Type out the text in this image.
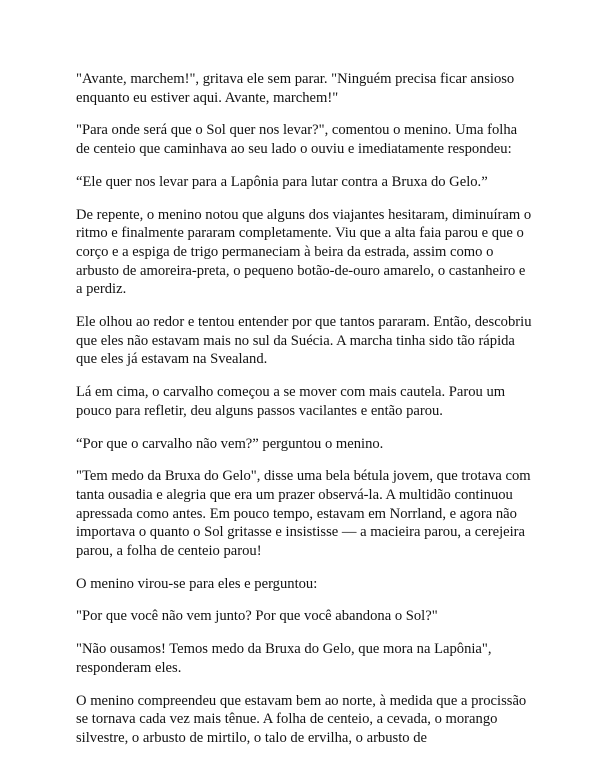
"Avante, marchem!", gritava ele sem parar. "Ninguém precisa ficar ansioso enquanto eu estiver aqui. Avante, marchem!"

"Para onde será que o Sol quer nos levar?", comentou o menino. Uma folha de centeio que caminhava ao seu lado o ouviu e imediatamente respondeu:

“Ele quer nos levar para a Lapônia para lutar contra a Bruxa do Gelo.”

De repente, o menino notou que alguns dos viajantes hesitaram, diminuíram o ritmo e finalmente pararam completamente. Viu que a alta faia parou e que o corço e a espiga de trigo permaneciam à beira da estrada, assim como o arbusto de amoreira-preta, o pequeno botão-de-ouro amarelo, o castanheiro e a perdiz.

Ele olhou ao redor e tentou entender por que tantos pararam. Então, descobriu que eles não estavam mais no sul da Suécia. A marcha tinha sido tão rápida que eles já estavam na Svealand.

Lá em cima, o carvalho começou a se mover com mais cautela. Parou um pouco para refletir, deu alguns passos vacilantes e então parou.

“Por que o carvalho não vem?” perguntou o menino.

"Tem medo da Bruxa do Gelo", disse uma bela bétula jovem, que trotava com tanta ousadia e alegria que era um prazer observá-la. A multidão continuou apressada como antes. Em pouco tempo, estavam em Norrland, e agora não importava o quanto o Sol gritasse e insistisse — a macieira parou, a cerejeira parou, a folha de centeio parou!

O menino virou-se para eles e perguntou:

"Por que você não vem junto? Por que você abandona o Sol?"

"Não ousamos! Temos medo da Bruxa do Gelo, que mora na Lapônia", responderam eles.

O menino compreendeu que estavam bem ao norte, à medida que a procissão se tornava cada vez mais tênue. A folha de centeio, a cevada, o morango silvestre, o arbusto de mirtilo, o talo de ervilha, o arbusto de
